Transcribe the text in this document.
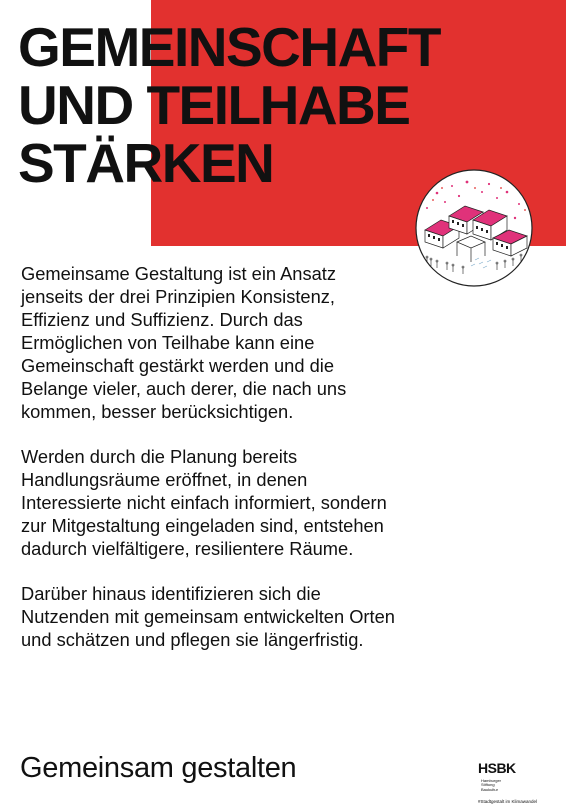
GEMEINSCHAFT
UND TEILHABE
STÄRKEN

Gemeinsame Gestaltung ist ein Ansatz jenseits der drei Prinzipien Konsistenz, Effizienz und Suffizienz. Durch das Ermöglichen von Teilhabe kann eine Gemeinschaft gestärkt werden und die Belange vieler, auch derer, die nach uns kommen, besser berücksichtigen.

Werden durch die Planung bereits Handlungsräume eröffnet, in denen Interessierte nicht einfach informiert, sondern zur Mitgestaltung eingeladen sind, entstehen dadurch vielfältigere, resilientere Räume.

Darüber hinaus identifizieren sich die Nutzenden mit gemeinsam entwickelten Orten und schätzen und pflegen sie längerfristig.

Gemeinsam gestalten	HSBK
Hamburger
Stiftung
Baukultur
#Stadtgestalt im Klimawandel
